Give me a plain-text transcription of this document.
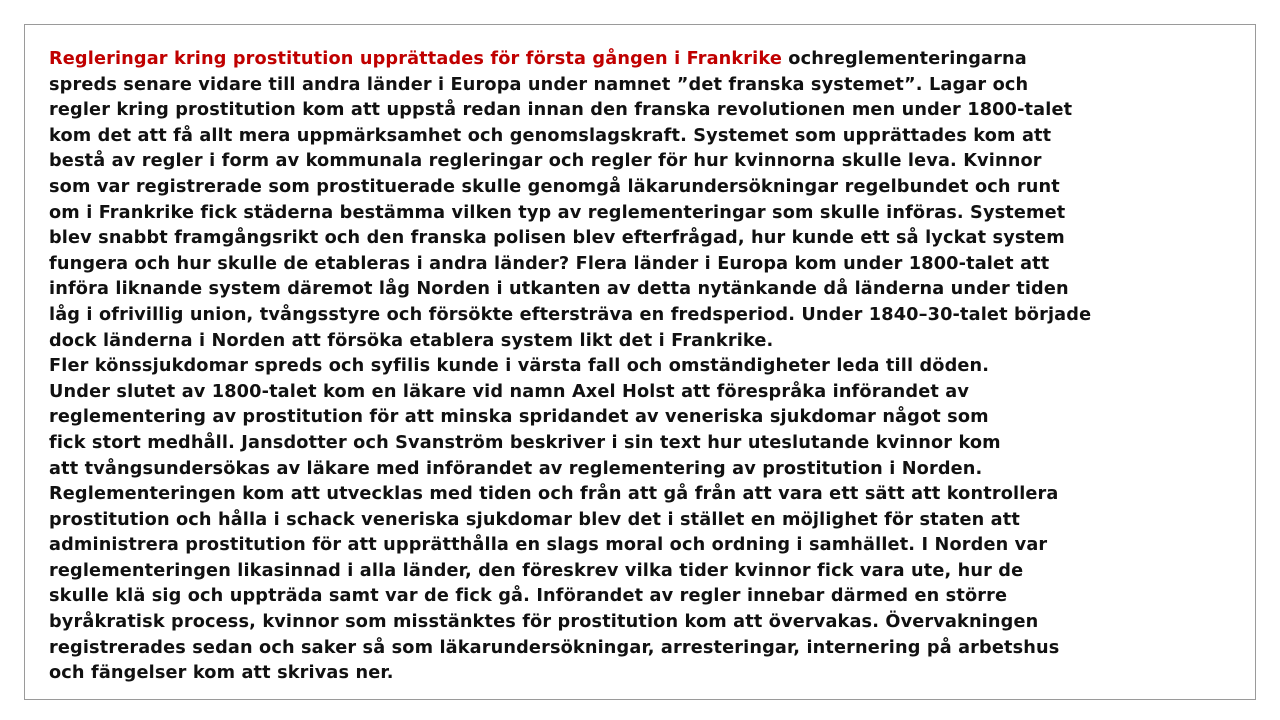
Regleringar kring prostitution upprättades för första gången i Frankrike ochreglementeringarna
spreds senare vidare till andra länder i Europa under namnet ”det franska systemet”. Lagar och
regler kring prostitution kom att uppstå redan innan den franska revolutionen men under 1800-talet
kom det att få allt mera uppmärksamhet och genomslagskraft. Systemet som upprättades kom att
bestå av regler i form av kommunala regleringar och regler för hur kvinnorna skulle leva. Kvinnor
som var registrerade som prostituerade skulle genomgå läkarundersökningar regelbundet och runt
om i Frankrike fick städerna bestämma vilken typ av reglementeringar som skulle införas. Systemet
blev snabbt framgångsrikt och den franska polisen blev efterfrågad, hur kunde ett så lyckat system
fungera och hur skulle de etableras i andra länder? Flera länder i Europa kom under 1800-talet att
införa liknande system däremot låg Norden i utkanten av detta nytänkande då länderna under tiden
låg i ofrivillig union, tvångsstyre och försökte eftersträva en fredsperiod. Under 1840–30-talet började
dock länderna i Norden att försöka etablera system likt det i Frankrike.
Fler könssjukdomar spreds och syfilis kunde i värsta fall och omständigheter leda till döden.
Under slutet av 1800-talet kom en läkare vid namn Axel Holst att förespråka införandet av
reglementering av prostitution för att minska spridandet av veneriska sjukdomar något som
fick stort medhåll. Jansdotter och Svanström beskriver i sin text hur uteslutande kvinnor kom
att tvångsundersökas av läkare med införandet av reglementering av prostitution i Norden.
Reglementeringen kom att utvecklas med tiden och från att gå från att vara ett sätt att kontrollera
prostitution och hålla i schack veneriska sjukdomar blev det i stället en möjlighet för staten att
administrera prostitution för att upprätthålla en slags moral och ordning i samhället. I Norden var
reglementeringen likasinnad i alla länder, den föreskrev vilka tider kvinnor fick vara ute, hur de
skulle klä sig och uppträda samt var de fick gå. Införandet av regler innebar därmed en större
byråkratisk process, kvinnor som misstänktes för prostitution kom att övervakas. Övervakningen
registrerades sedan och saker så som läkarundersökningar, arresteringar, internering på arbetshus
och fängelser kom att skrivas ner.
